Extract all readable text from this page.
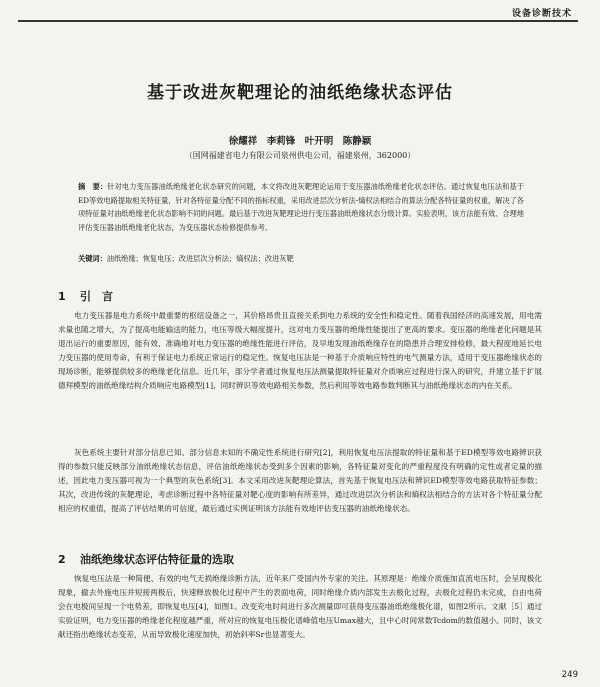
设备诊断技术
基于改进灰靶理论的油纸绝缘状态评估
徐耀祥　李莉锋　叶开明　陈静颖
（国网福建省电力有限公司泉州供电公司，福建泉州，362000）
摘　要：针对电力变压器油纸绝缘老化状态研究的问题，本文将改进灰靶理论运用于变压器油纸绝缘老化状态评估。通过恢复电压法和基于ED等效电路提取相关特征量，针对各特征量分配不同的指标权重，采用改进层次分析法-熵权法相结合的算法分配各特征量的权重，解决了各项特征量对油纸绝缘老化状态影响不同的问题。最后基于改进灰靶理论进行变压器油纸绝缘状态分级计算。实验表明，该方法能有效、合理地评估变压器油纸绝缘老化状态，为变压器状态检修提供参考。
关键词：油纸绝缘；恢复电压；改进层次分析法；熵权法；改进灰靶
1 引　言
电力变压器是电力系统中最重要的枢纽设备之一，其价格昂贵且直接关系到电力系统的安全性和稳定性。随着我国经济的高速发展，用电需求量也随之增大，为了提高电能输送的能力，电压等级大幅度提升，这对电力变压器的绝缘性能提出了更高的要求。变压器的绝缘老化问题是其退出运行的重要原因，能有效、准确地对电力变压器的绝缘性能进行评估，及早地发现油纸绝缘存在的隐患并合理安排检修，最大程度地延长电力变压器的使用寿命，有利于保证电力系统正常运行的稳定性。恢复电压法是一种基于介质响应特性的电气测量方法，适用于变压器绝缘状态的现场诊断，能够提供较多的绝缘老化信息。近几年，部分学者通过恢复电压法测量提取特征量对介质响应过程进行深入的研究，并建立基于扩展德拜模型的油纸绝缘结构介质响应电路模型[1]，同时辨识等效电路相关参数，然后利用等效电路参数判断其与油纸绝缘状态的内在关系。
灰色系统主要针对部分信息已知、部分信息未知的不确定性系统进行研究[2]，利用恢复电压法提取的特征量和基于ED模型等效电路辨识获得的参数只能反映部分油纸绝缘状态信息，评估油纸绝缘状态受到多个因素的影响，各特征量对变化的严重程度没有明确的定性或者定量的描述，因此电力变压器可视为一个典型的灰色系统[3]。本文采用改进灰靶理论算法，首先基于恢复电压法和辨识ED模型等效电路获取特征参数；其次，改进传统的灰靶理论，考虑诊断过程中各特征量对靶心度的影响有所差异，通过改进层次分析法和熵权法相结合的方法对各个特征量分配相应的权重值，提高了评估结果的可信度，最后通过实例证明该方法能有效地评估变压器的油纸绝缘状态。
2 油纸绝缘状态评估特征量的选取
恢复电压法是一种简便、有效的电气无损绝缘诊断方法，近年来广受国内外专家的关注。其原理是：绝缘介质施加直流电压时，会呈现极化现象，撤去外施电压并短接两极后，快速释放极化过程中产生的表面电荷，同时绝缘介质内部发生去极化过程，去极化过程仍未完成，自由电荷会在电极间呈现一个电势差，即恢复电压[4]，如图1。改变充电时间进行多次测量即可获得变压器油纸绝缘极化谱，如图2所示。文献［5］通过实验证明，电力变压器的绝缘老化程度越严重，所对应的恢复电压极化谱峰值电压Umax越大，且中心时间常数Tcdom的数值越小。同时，该文献还指出绝缘状态变差，从而导致极化速度加快，初始斜率Sr也显著变大。
249
